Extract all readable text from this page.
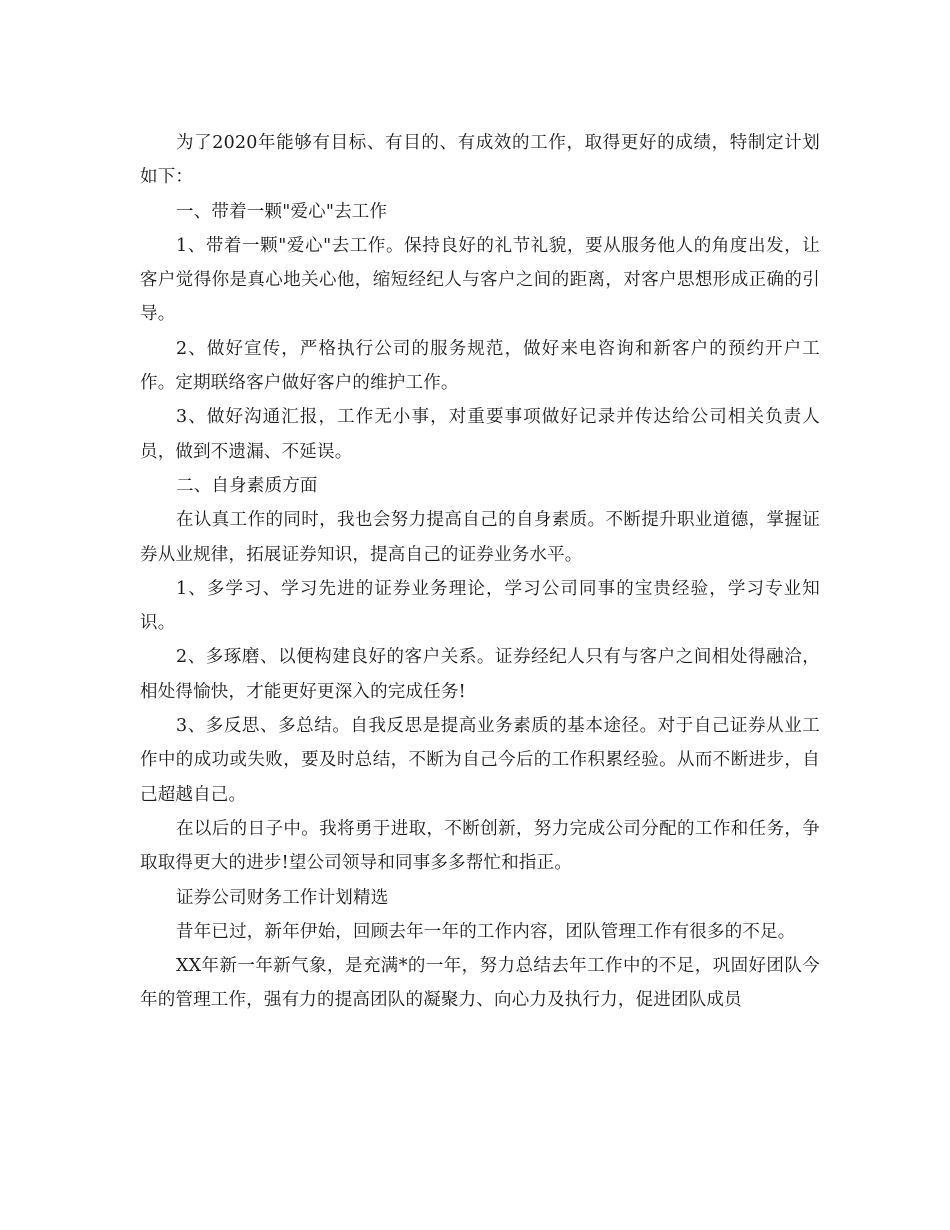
为了2020年能够有目标、有目的、有成效的工作，取得更好的成绩，特制定计划如下：

一、带着一颗"爱心"去工作

1、带着一颗"爱心"去工作。保持良好的礼节礼貌，要从服务他人的角度出发，让客户觉得你是真心地关心他，缩短经纪人与客户之间的距离，对客户思想形成正确的引导。

2、做好宣传，严格执行公司的服务规范，做好来电咨询和新客户的预约开户工作。定期联络客户做好客户的维护工作。

3、做好沟通汇报，工作无小事，对重要事项做好记录并传达给公司相关负责人员，做到不遗漏、不延误。

二、自身素质方面

在认真工作的同时，我也会努力提高自己的自身素质。不断提升职业道德，掌握证券从业规律，拓展证券知识，提高自己的证券业务水平。

1、多学习、学习先进的证券业务理论，学习公司同事的宝贵经验，学习专业知识。

2、多琢磨、以便构建良好的客户关系。证券经纪人只有与客户之间相处得融洽，相处得愉快，才能更好更深入的完成任务!

3、多反思、多总结。自我反思是提高业务素质的基本途径。对于自己证券从业工作中的成功或失败，要及时总结，不断为自己今后的工作积累经验。从而不断进步，自己超越自己。

在以后的日子中。我将勇于进取，不断创新，努力完成公司分配的工作和任务，争取取得更大的进步!望公司领导和同事多多帮忙和指正。

证券公司财务工作计划精选

昔年已过，新年伊始，回顾去年一年的工作内容，团队管理工作有很多的不足。

XX年新一年新气象，是充满*的一年，努力总结去年工作中的不足，巩固好团队今年的管理工作，强有力的提高团队的凝聚力、向心力及执行力，促进团队成员
